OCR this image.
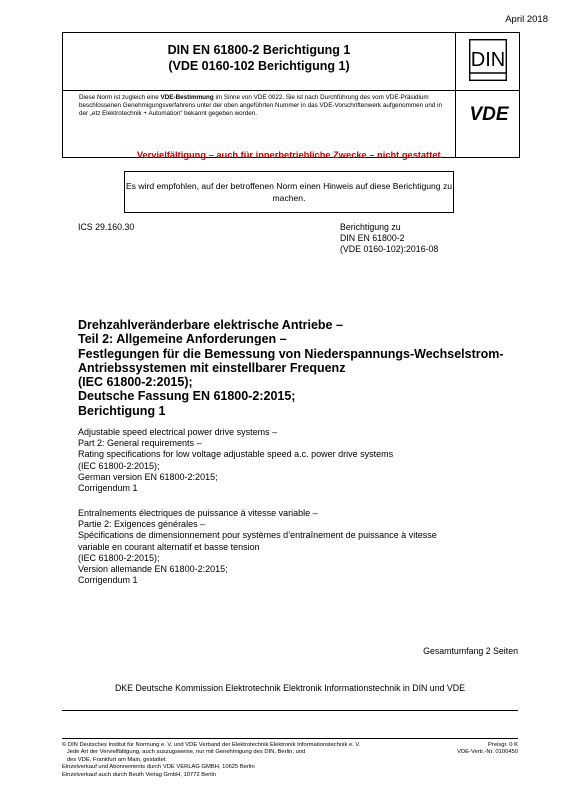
April 2018
DIN EN 61800-2 Berichtigung 1
(VDE 0160-102 Berichtigung 1)
Diese Norm ist zugleich eine VDE-Bestimmung im Sinne von VDE 0022. Sie ist nach Durchführung des vom VDE-Präsidium beschlossenen Genehmigungsverfahrens unter der oben angeführten Nummer in das VDE-Vorschriftenwerk aufgenommen und in der „etz Elektrotechnik + Automation“ bekannt gegeben worden.
DIN
VDE
Vervielfältigung – auch für innerbetriebliche Zwecke – nicht gestattet.
Es wird empfohlen, auf der betroffenen Norm einen Hinweis auf diese Berichtigung zu machen.
ICS 29.160.30	Berichtigung zu
DIN EN 61800-2
(VDE 0160-102):2016-08
Drehzahlveränderbare elektrische Antriebe –
Teil 2: Allgemeine Anforderungen –
Festlegungen für die Bemessung von Niederspannungs-Wechselstrom-
Antriebssystemen mit einstellbarer Frequenz
(IEC 61800-2:2015);
Deutsche Fassung EN 61800-2:2015;
Berichtigung 1
Adjustable speed electrical power drive systems –
Part 2: General requirements –
Rating specifications for low voltage adjustable speed a.c. power drive systems
(IEC 61800-2:2015);
German version EN 61800-2:2015;
Corrigendum 1
Entraînements électriques de puissance à vitesse variable –
Partie 2: Exigences générales –
Spécifications de dimensionnement pour systèmes d’entraînement de puissance à vitesse
variable en courant alternatif et basse tension
(IEC 61800-2:2015);
Version allemande EN 61800-2:2015;
Corrigendum 1
Gesamtumfang 2 Seiten
DKE Deutsche Kommission Elektrotechnik Elektronik Informationstechnik in DIN und VDE
© DIN Deutsches Institut für Normung e. V. und VDE Verband der Elektrotechnik Elektronik Informationstechnik e. V.
Jede Art der Vervielfältigung, auch auszugsweise, nur mit Genehmigung des DIN, Berlin, und
des VDE, Frankfurt am Main, gestattet.
Einzelverkauf und Abonnements durch VDE VERLAG GMBH, 10625 Berlin
Einzelverkauf auch durch Beuth Verlag GmbH, 10772 Berlin
Preisgr. 0 K
VDE-Vertr.-Nr. 0100450
